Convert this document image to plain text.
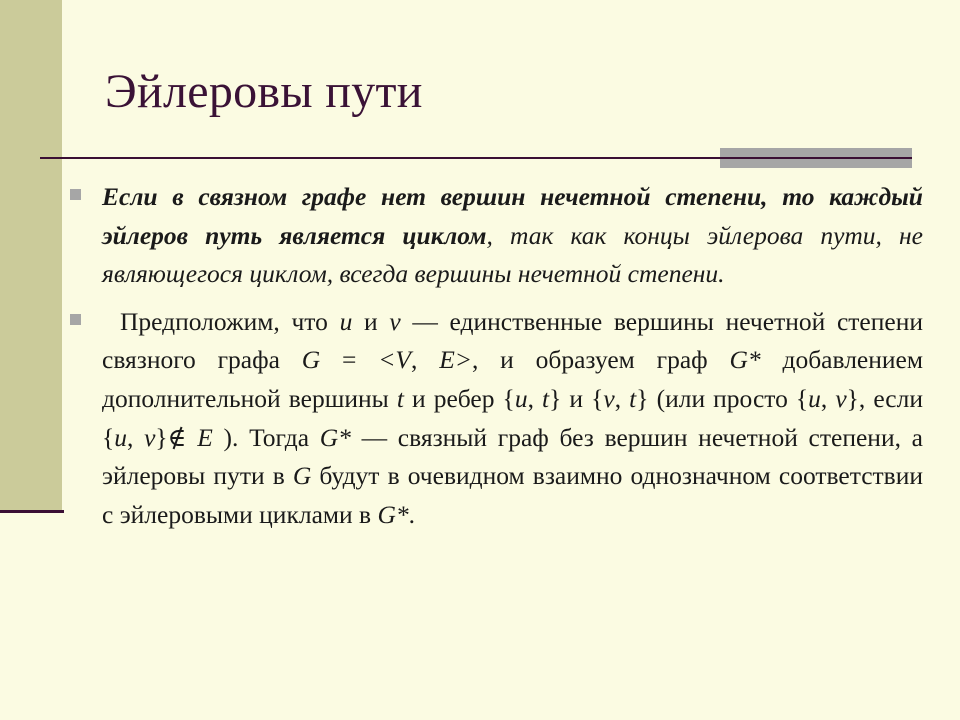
Эйлеровы пути

Если в связном графе нет вершин нечетной степени, то каждый эйлеров путь является циклом, так как концы эйлерова пути, не являющегося циклом, всегда вершины нечетной степени.

Предположим, что u и v — единственные вершины нечетной степени связного графа G = <V, E>, и образуем граф G* добавлением дополнительной вершины t и ребер {u, t} и {v, t} (или просто {u, v}, если {u, v}∉ E ). Тогда G* — связный граф без вершин нечетной степени, а эйлеровы пути в G будут в очевидном взаимно однозначном соответствии с эйлеровыми циклами в G*.
